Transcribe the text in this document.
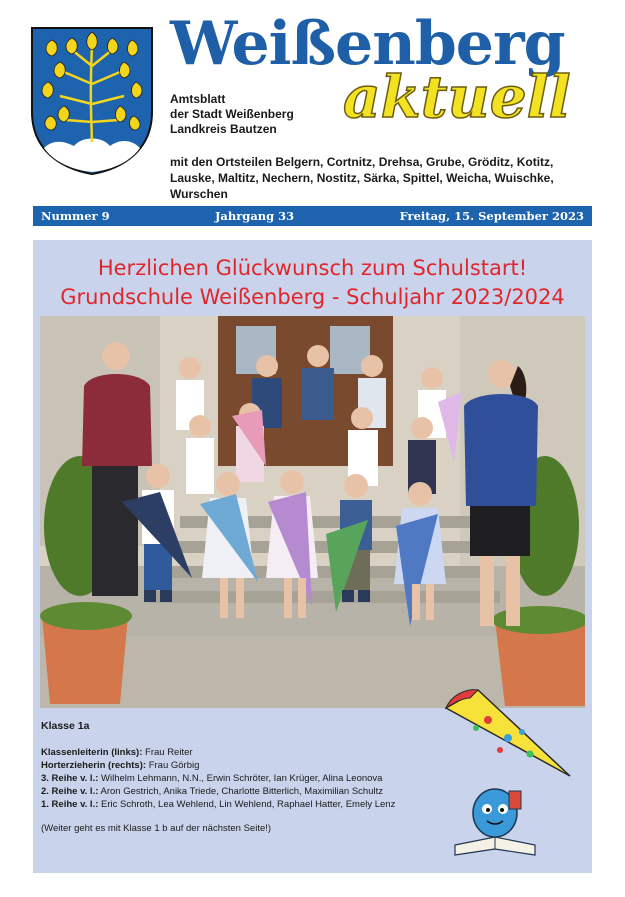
Weißenberg
aktuell
Amtsblatt
der Stadt Weißenberg
Landkreis Bautzen
mit den Ortsteilen Belgern, Cortnitz, Drehsa, Grube, Gröditz, Kotitz, Lauske, Maltitz, Nechern, Nostitz, Särka, Spittel, Weicha, Wuischke, Wurschen
Nummer 9	Jahrgang 33	Freitag, 15. September 2023
Herzlichen Glückwunsch zum Schulstart!
Grundschule Weißenberg - Schuljahr 2023/2024
Klasse 1a
Klassenleiterin (links): Frau Reiter
Horterzieherin (rechts): Frau Görbig
3. Reihe v. l.: Wilhelm Lehmann, N.N., Erwin Schröter, Ian Krüger, Alina Leonova
2. Reihe v. l.: Aron Gestrich, Anika Triede, Charlotte Bitterlich, Maximilian Schultz
1. Reihe v. l.: Eric Schroth, Lea Wehlend, Lin Wehlend, Raphael Hatter, Emely Lenz
(Weiter geht es mit Klasse 1 b auf der nächsten Seite!)
